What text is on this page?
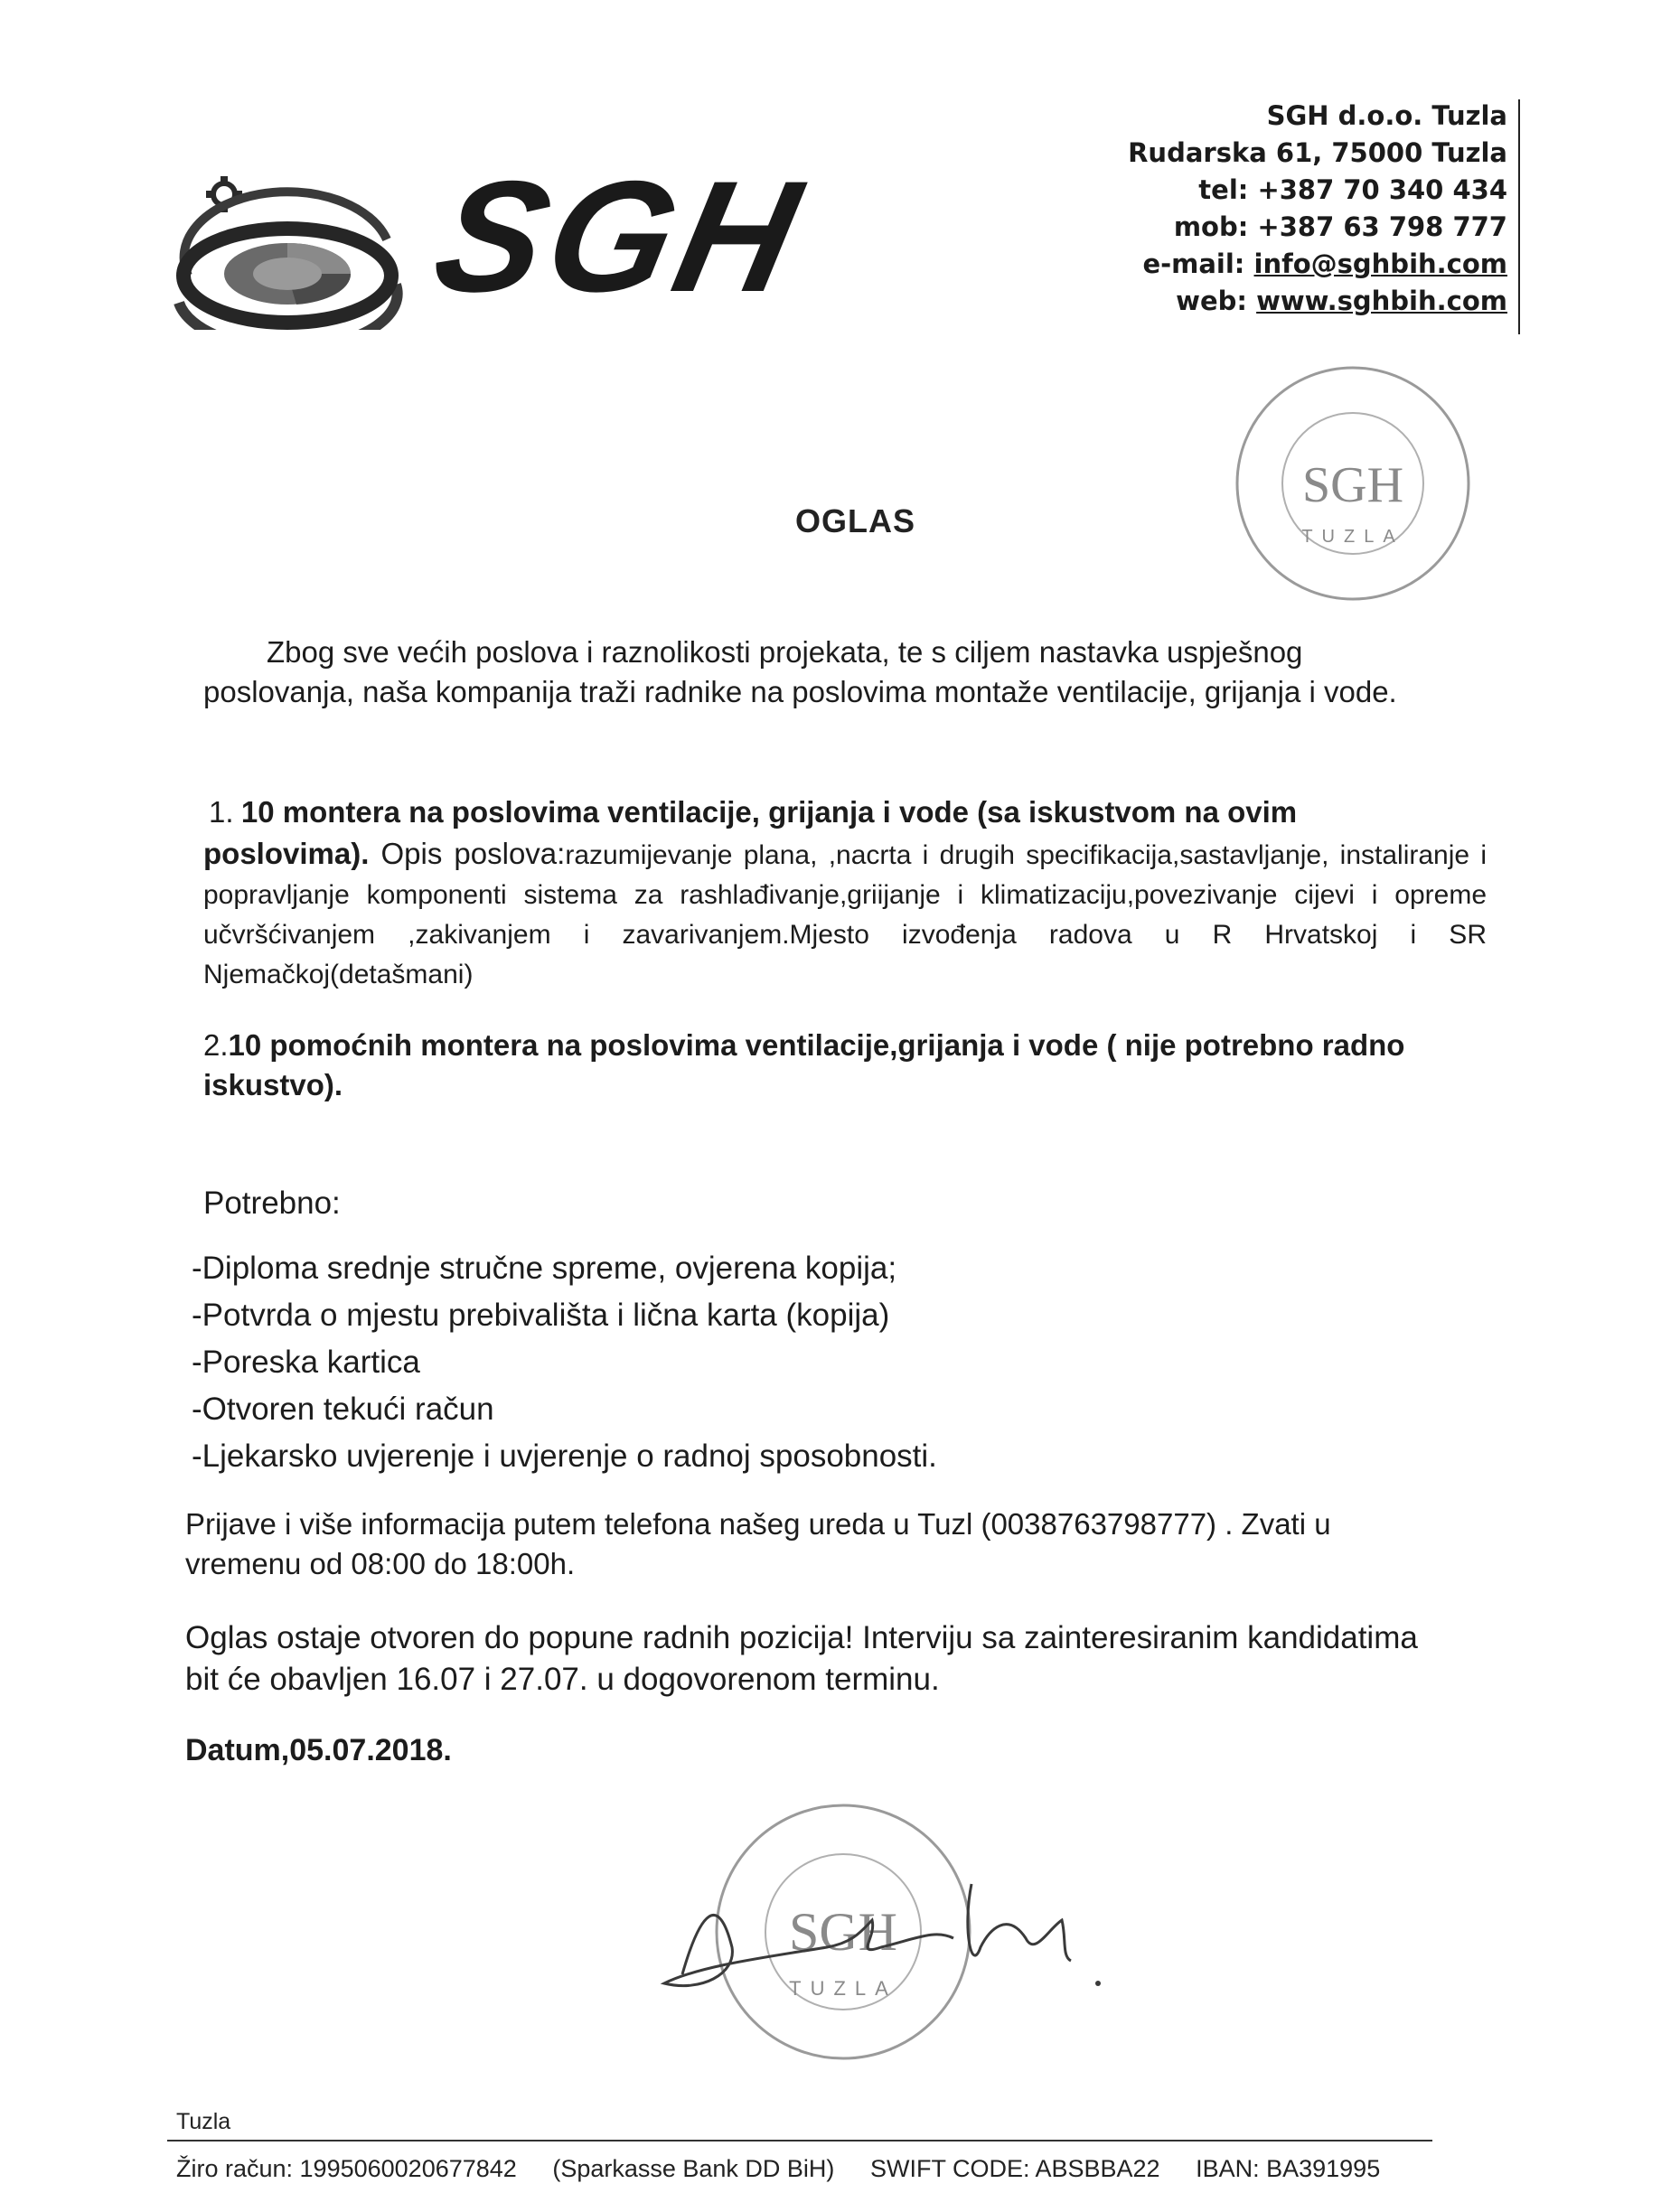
SGH
SGH d.o.o. Tuzla
Rudarska 61, 75000 Tuzla
tel: +387 70 340 434
mob: +387 63 798 777
e-mail: info@sghbih.com
web: www.sghbih.com
SGH
TUZLA
OGLAS
Zbog sve većih poslova i raznolikosti projekata, te s ciljem nastavka uspješnog
poslovanja, naša kompanija traži radnike na poslovima montaže ventilacije, grijanja i vode.
1. 10 montera na poslovima ventilacije, grijanja i vode (sa iskustvom na ovim
poslovima). Opis poslova:razumijevanje plana, ,nacrta i drugih specifikacija,sastavljanje, instaliranje i popravljanje komponenti sistema za rashlađivanje,griijanje i klimatizaciju,povezivanje cijevi i opreme učvršćivanjem ,zakivanjem i zavarivanjem.Mjesto izvođenja radova u R Hrvatskoj i SR Njemačkoj(detašmani)
2.10 pomoćnih montera na poslovima ventilacije,grijanja i vode ( nije potrebno radno
iskustvo).
Potrebno:
-Diploma srednje stručne spreme, ovjerena kopija;
-Potvrda o mjestu prebivališta i lična karta (kopija)
-Poreska kartica
-Otvoren tekući račun
-Ljekarsko uvjerenje i uvjerenje o radnoj sposobnosti.
Prijave i više informacija putem telefona našeg ureda u Tuzl (0038763798777) . Zvati u
vremenu od 08:00 do 18:00h.
Oglas ostaje otvoren do popune radnih pozicija! Interviju sa zainteresiranim kandidatima
bit će obavljen 16.07 i 27.07. u dogovorenom terminu.
Datum,05.07.2018.
SGH
TUZLA
Tuzla
Žiro račun: 1995060020677842 (Sparkasse Bank DD BiH) SWIFT CODE: ABSBBA22 IBAN: BA391995
